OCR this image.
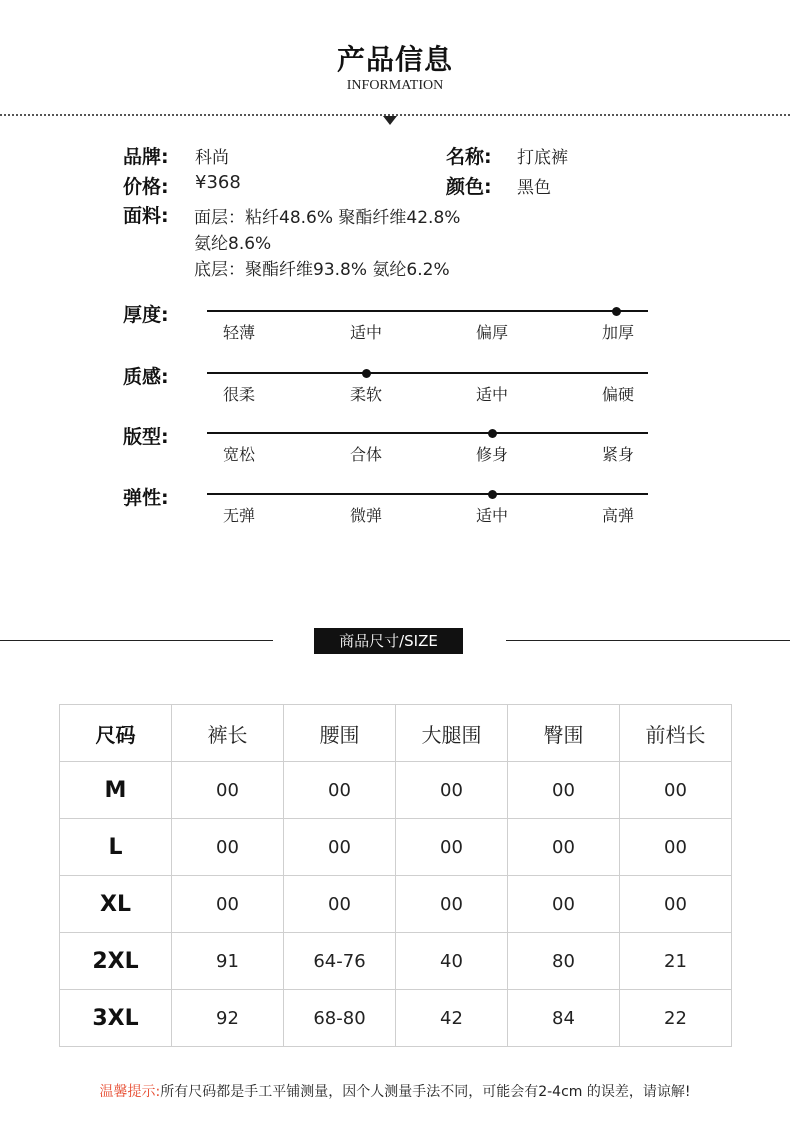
产品信息
INFORMATION
品牌: 科尚	名称: 打底裤
价格: ¥368	颜色: 黑色
面料: 面层：粘纤48.6% 聚酯纤维42.8%
氨纶8.6%
底层：聚酯纤维93.8% 氨纶6.2%
厚度:
轻薄	适中	偏厚	加厚
质感:
很柔	柔软	适中	偏硬
版型:
宽松	合体	修身	紧身
弹性:
无弹	微弹	适中	高弹
商品尺寸/SIZE
尺码	裤长	腰围	大腿围	臀围	前档长
M	00	00	00	00	00
L	00	00	00	00	00
XL	00	00	00	00	00
2XL	91	64-76	40	80	21
3XL	92	68-80	42	84	22
温馨提示:所有尺码都是手工平铺测量，因个人测量手法不同，可能会有2-4cm 的误差，请谅解!
